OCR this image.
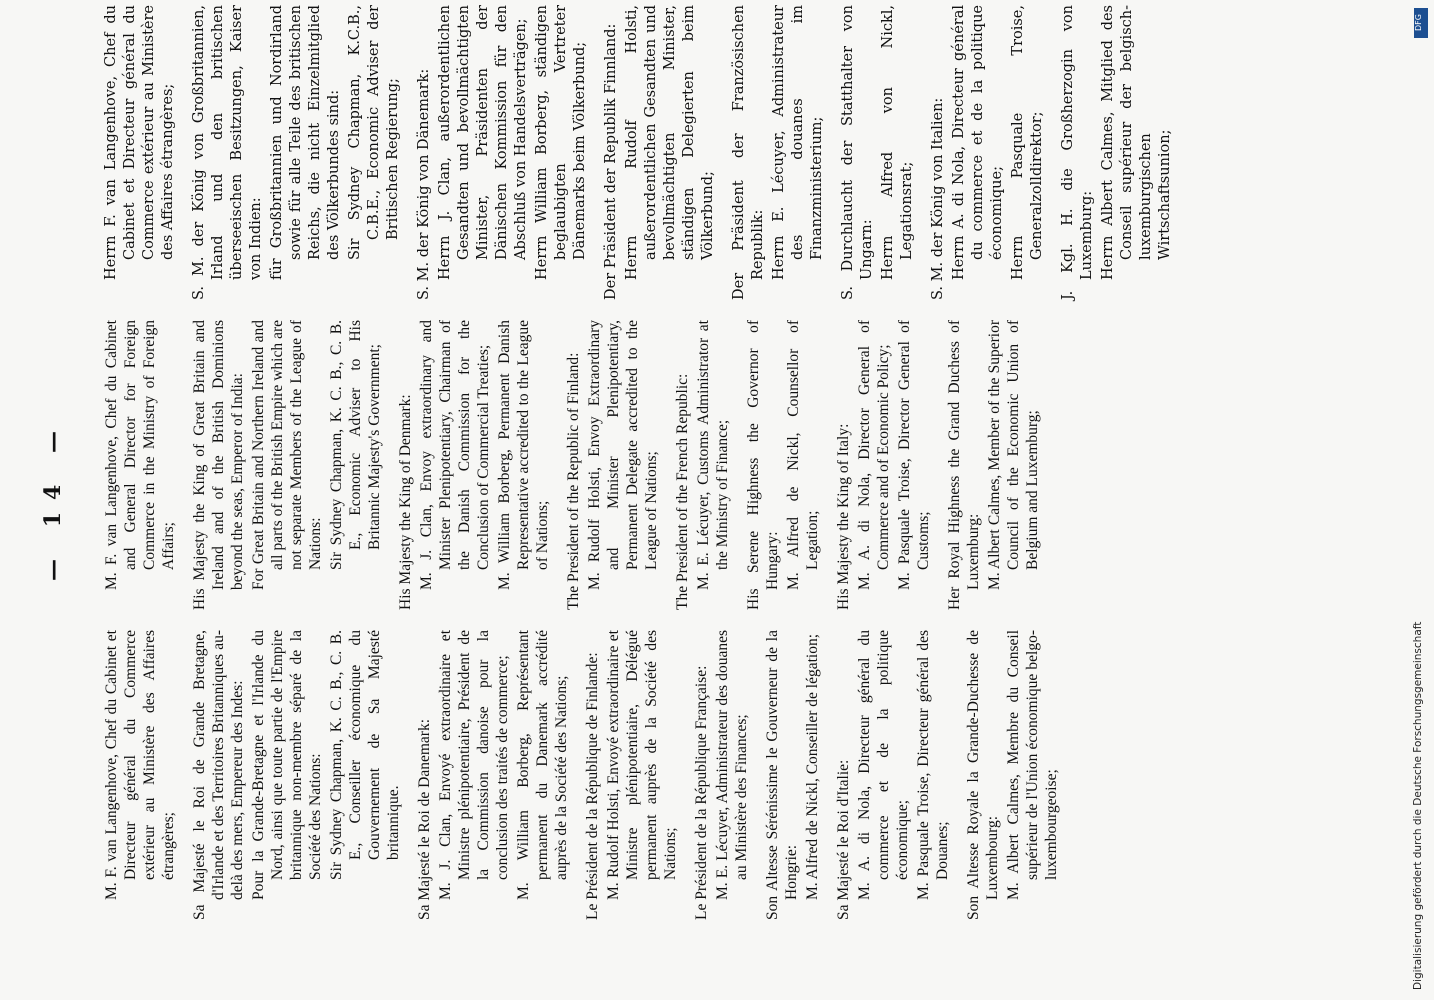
— 14 —
M. F. van Langenhove, Chef du Cabinet et Directeur général du Commerce extérieur au Ministère des Affaires étrangères; Sa Majesté le Roi de Grande Bretagne, d'Irlande et des Territoires Britanniques au-delà des mers, Empereur des Indes: Pour la Grande-Bretagne et l'Irlande du Nord, ainsi que toute partie de l'Empire britannique non-membre séparé de la Société des Nations: Sir Sydney Chapman, K. C. B., C. B. E., Conseiller économique du Gouvernement de Sa Majesté britannique. Sa Majesté le Roi de Danemark: M. J. Clan, Envoyé extraordinaire et Ministre plénipotentiaire, Président de la Commission danoise pour la conclusion des traités de commerce; M. William Borberg, Représentant permanent du Danemark accrédité auprès de la Société des Nations; Le Président de la République de Finlande: M. Rudolf Holsti, Envoyé extraordinaire et Ministre plénipotentiaire, Délégué permanent auprès de la Société des Nations; Le Président de la République Française: M. E. Lécuyer, Administrateur des douanes au Ministère des Finances; Son Altesse Sérénissime le Gouverneur de la Hongrie: M. Alfred de Nickl, Conseiller de légation; Sa Majesté le Roi d'Italie: M. A. di Nola, Directeur général du commerce et de la politique économique; M. Pasquale Troise, Directeur général des Douanes; Son Altesse Royale la Grande-Duchesse de Luxembourg: M. Albert Calmes, Membre du Conseil supérieur de l'Union économique belgo-luxembourgeoise;
M. F. van Langenhove, Chef du Cabinet and General Director for Foreign Commerce in the Ministry of Foreign Affairs; His Majesty the King of Great Britain and Ireland and of the British Dominions beyond the seas, Emperor of India: For Great Britain and Northern Ireland and all parts of the British Empire which are not separate Members of the League of Nations: Sir Sydney Chapman, K. C. B., C. B. E., Economic Adviser to His Britannic Majesty's Government; His Majesty the King of Denmark: M. J. Clan, Envoy extraordinary and Minister Plenipotentiary, Chairman of the Danish Commission for the Conclusion of Commercial Treaties; M. William Borberg, Permanent Danish Representative accredited to the League of Nations; The President of the Republic of Finland: M. Rudolf Holsti, Envoy Extraordinary and Minister Plenipotentiary, Permanent Delegate accredited to the League of Nations; The President of the French Republic: M. E. Lécuyer, Customs Administrator at the Ministry of Finance; His Serene Highness the Governor of Hungary: M. Alfred de Nickl, Counsellor of Legation; His Majesty the King of Italy: M. A. di Nola, Director General of Commerce and of Economic Policy; M. Pasquale Troise, Director General of Customs; Her Royal Highness the Grand Duchess of Luxemburg: M. Albert Calmes, Member of the Superior Council of the Economic Union of Belgium and Luxemburg;
Herrn F. van Langenhove, Chef du Cabinet et Directeur général du Commerce extérieur au Ministère des Affaires étrangères; S. M. der König von Großbritannien, Irland und den britischen überseeischen Besitzungen, Kaiser von Indien: für Großbritannien und Nordirland sowie für alle Teile des britischen Reichs, die nicht Einzelmitglied des Völkerbundes sind: Sir Sydney Chapman, K.C.B., C.B.E., Economic Adviser der Britischen Regierung; S. M. der König von Dänemark: Herrn J. Clan, außerordentlichen Gesandten und bevollmächtigten Minister, Präsidenten der Dänischen Kommission für den Abschluß von Handelsverträgen; Herrn William Borberg, ständigen beglaubigten Vertreter Dänemarks beim Völkerbund; Der Präsident der Republik Finnland: Herrn Rudolf Holsti, außerordentlichen Gesandten und bevollmächtigten Minister, ständigen Delegierten beim Völkerbund; Der Präsident der Französischen Republik: Herrn E. Lécuyer, Administrateur des douanes im Finanzministerium; S. Durchlaucht der Statthalter von Ungarn: Herrn Alfred von Nickl, Legationsrat; S. M. der König von Italien: Herrn A. di Nola, Directeur général du commerce et de la politique économique; Herrn Pasquale Troise, Generalzolldirektor; J. Kgl. H. die Großherzogin von Luxemburg: Herrn Albert Calmes, Mitglied des Conseil supérieur der belgisch-luxemburgischen Wirtschaftsunion;
DFG
Digitalisierung gefördert durch die Deutsche Forschungsgemeinschaft
